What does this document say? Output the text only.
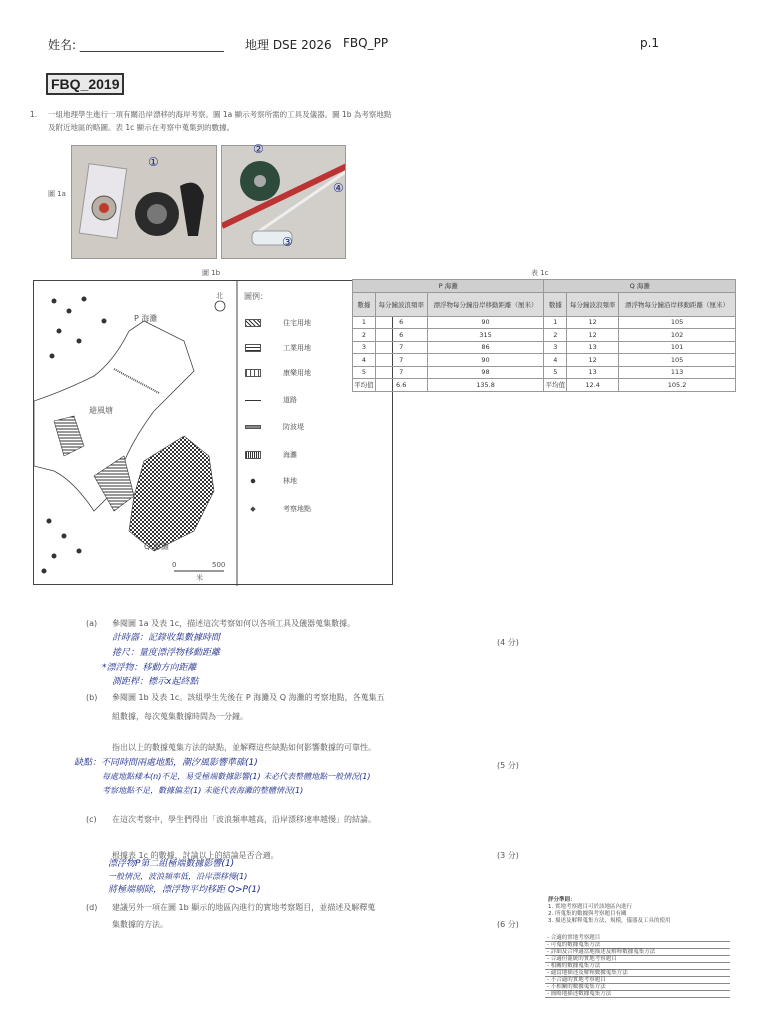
姓名: ________________________ 地理 DSE 2026 FBQ_PP	p.1
FBQ_2019
1. 一組地理學生進行一項有關沿岸漂移的海岸考察。圖 1a 顯示考察所需的工具及儀器。圖 1b 為考察地點及附近地區的略圖。表 1c 顯示在考察中蒐集到的數據。
圖 1a
①
②
③
④
圖 1b	表 1c
北
P 海灘
避風塘
Q 海灘
0	500
米
圖例：
住宅用地
工業用地
康樂用地
道路
防波堤
海灘
林地
◆	考察地點
P 海灘			Q 海灘		
數據	每分鐘波浪頻率	漂浮物每分鐘沿岸移動距離（厘米）	數據	每分鐘波浪頻率	漂浮物每分鐘沿岸移動距離（厘米）
1	6	90	1	12	105
2	6	315	2	12	102
3	7	86	3	13	101
4	7	90	4	12	105
5	7	98	5	13	113
平均值	6.6	135.8	平均值	12.4	105.2
(a) 參閱圖 1a 及表 1c，描述這次考察如何以各項工具及儀器蒐集數據。
(4 分)
計時器：記錄收集數據時間
捲尺：量度漂浮物移動距離
*漂浮物：移動方向距離
測距桿：標示x起終點
(b) 參閱圖 1b 及表 1c。該組學生先後在 P 海灘及 Q 海灘的考察地點，各蒐集五
組數據，每次蒐集數據時間為一分鐘。
指出以上的數據蒐集方法的缺點，並解釋這些缺點如何影響數據的可靠性。
(5 分)
缺點：不同時間兩處地點，潮汐風影響準確(1)
每處地點樣本(n)不足，易受極端數據影響(1) 未必代表整體地點一般情況(1)
考察地點不足，數據偏差(1) 未能代表海灘的整體情況(1)
(c) 在這次考察中，學生們得出「波浪頻率越高，沿岸漂移速率越慢」的結論。
根據表 1c 的數據，討論以上的結論是否合適。	(3 分)
漂浮物P第二組極端數據影響(1)
一般情況，波浪頻率低，沿岸漂移慢(1)
將極端剔除，漂浮物平均移距 Q>P(1)
(d) 建議另外一項在圖 1b 顯示的地區內進行的實地考察題目，並描述及解釋蒐
集數據的方法。	(6 分)
評分準則：
1. 實地考察題目可於該地區內進行
2. 所蒐集的數據與考察題目有關
3. 描述及解釋蒐集方法，規模，儀器及工具的使用
- 合適的實地考察題目
- 可蒐的數據蒐集方法
- 詳細及合理適當地描述及解釋數據蒐集方法
- 合適但籠統的實地考察題目
- 相關的數據蒐集方法
- 適當地描述及解釋數據蒐集方法
- 不合適的實地考察題目
- 不相關的數據蒐集方法
- 簡略地描述數據蒐集方法
